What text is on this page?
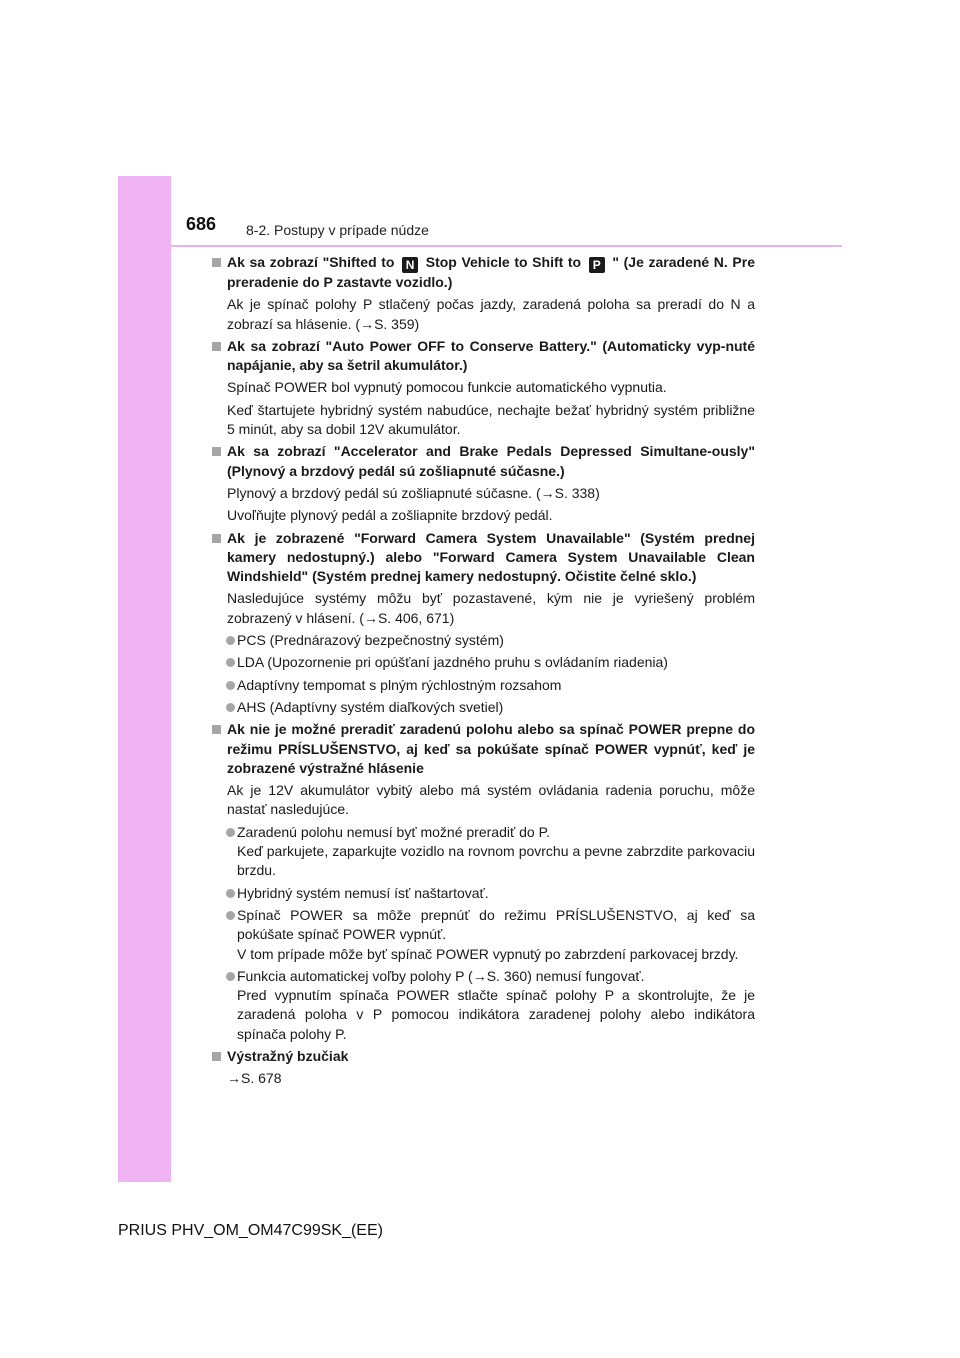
686 8-2. Postupy v prípade núdze
Ak sa zobrazí "Shifted to N Stop Vehicle to Shift to P " (Je zaradené N. Pre preradenie do P zastavte vozidlo.)
Ak je spínač polohy P stlačený počas jazdy, zaradená poloha sa preradí do N a zobrazí sa hlásenie. (→S. 359)
Ak sa zobrazí "Auto Power OFF to Conserve Battery." (Automaticky vyp-nuté napájanie, aby sa šetril akumulátor.)
Spínač POWER bol vypnutý pomocou funkcie automatického vypnutia.
Keď štartujete hybridný systém nabudúce, nechajte bežať hybridný systém približne 5 minút, aby sa dobil 12V akumulátor.
Ak sa zobrazí "Accelerator and Brake Pedals Depressed Simultane-ously" (Plynový a brzdový pedál sú zošliapnuté súčasne.)
Plynový a brzdový pedál sú zošliapnuté súčasne. (→S. 338)
Uvoľňujte plynový pedál a zošliapnite brzdový pedál.
Ak je zobrazené "Forward Camera System Unavailable" (Systém prednej kamery nedostupný.) alebo "Forward Camera System Unavailable Clean Windshield" (Systém prednej kamery nedostupný. Očistite čelné sklo.)
Nasledujúce systémy môžu byť pozastavené, kým nie je vyriešený problém zobrazený v hlásení. (→S. 406, 671)
PCS (Prednárazový bezpečnostný systém)
LDA (Upozornenie pri opúšťaní jazdného pruhu s ovládaním riadenia)
Adaptívny tempomat s plným rýchlostným rozsahom
AHS (Adaptívny systém diaľkových svetiel)
Ak nie je možné preradiť zaradenú polohu alebo sa spínač POWER prepne do režimu PRÍSLUŠENSTVO, aj keď sa pokúšate spínač POWER vypnúť, keď je zobrazené výstražné hlásenie
Ak je 12V akumulátor vybitý alebo má systém ovládania radenia poruchu, môže nastať nasledujúce.
Zaradenú polohu nemusí byť možné preradiť do P.
Keď parkujete, zaparkujte vozidlo na rovnom povrchu a pevne zabrzdite parkovaciu brzdu.
Hybridný systém nemusí ísť naštartovať.
Spínač POWER sa môže prepnúť do režimu PRÍSLUŠENSTVO, aj keď sa pokúšate spínač POWER vypnúť.
V tom prípade môže byť spínač POWER vypnutý po zabrzdení parkovacej brzdy.
Funkcia automatickej voľby polohy P (→S. 360) nemusí fungovať.
Pred vypnutím spínača POWER stlačte spínač polohy P a skontrolujte, že je zaradená poloha v P pomocou indikátora zaradenej polohy alebo indikátora spínača polohy P.
Výstražný bzučiak
→S. 678
PRIUS PHV_OM_OM47C99SK_(EE)
